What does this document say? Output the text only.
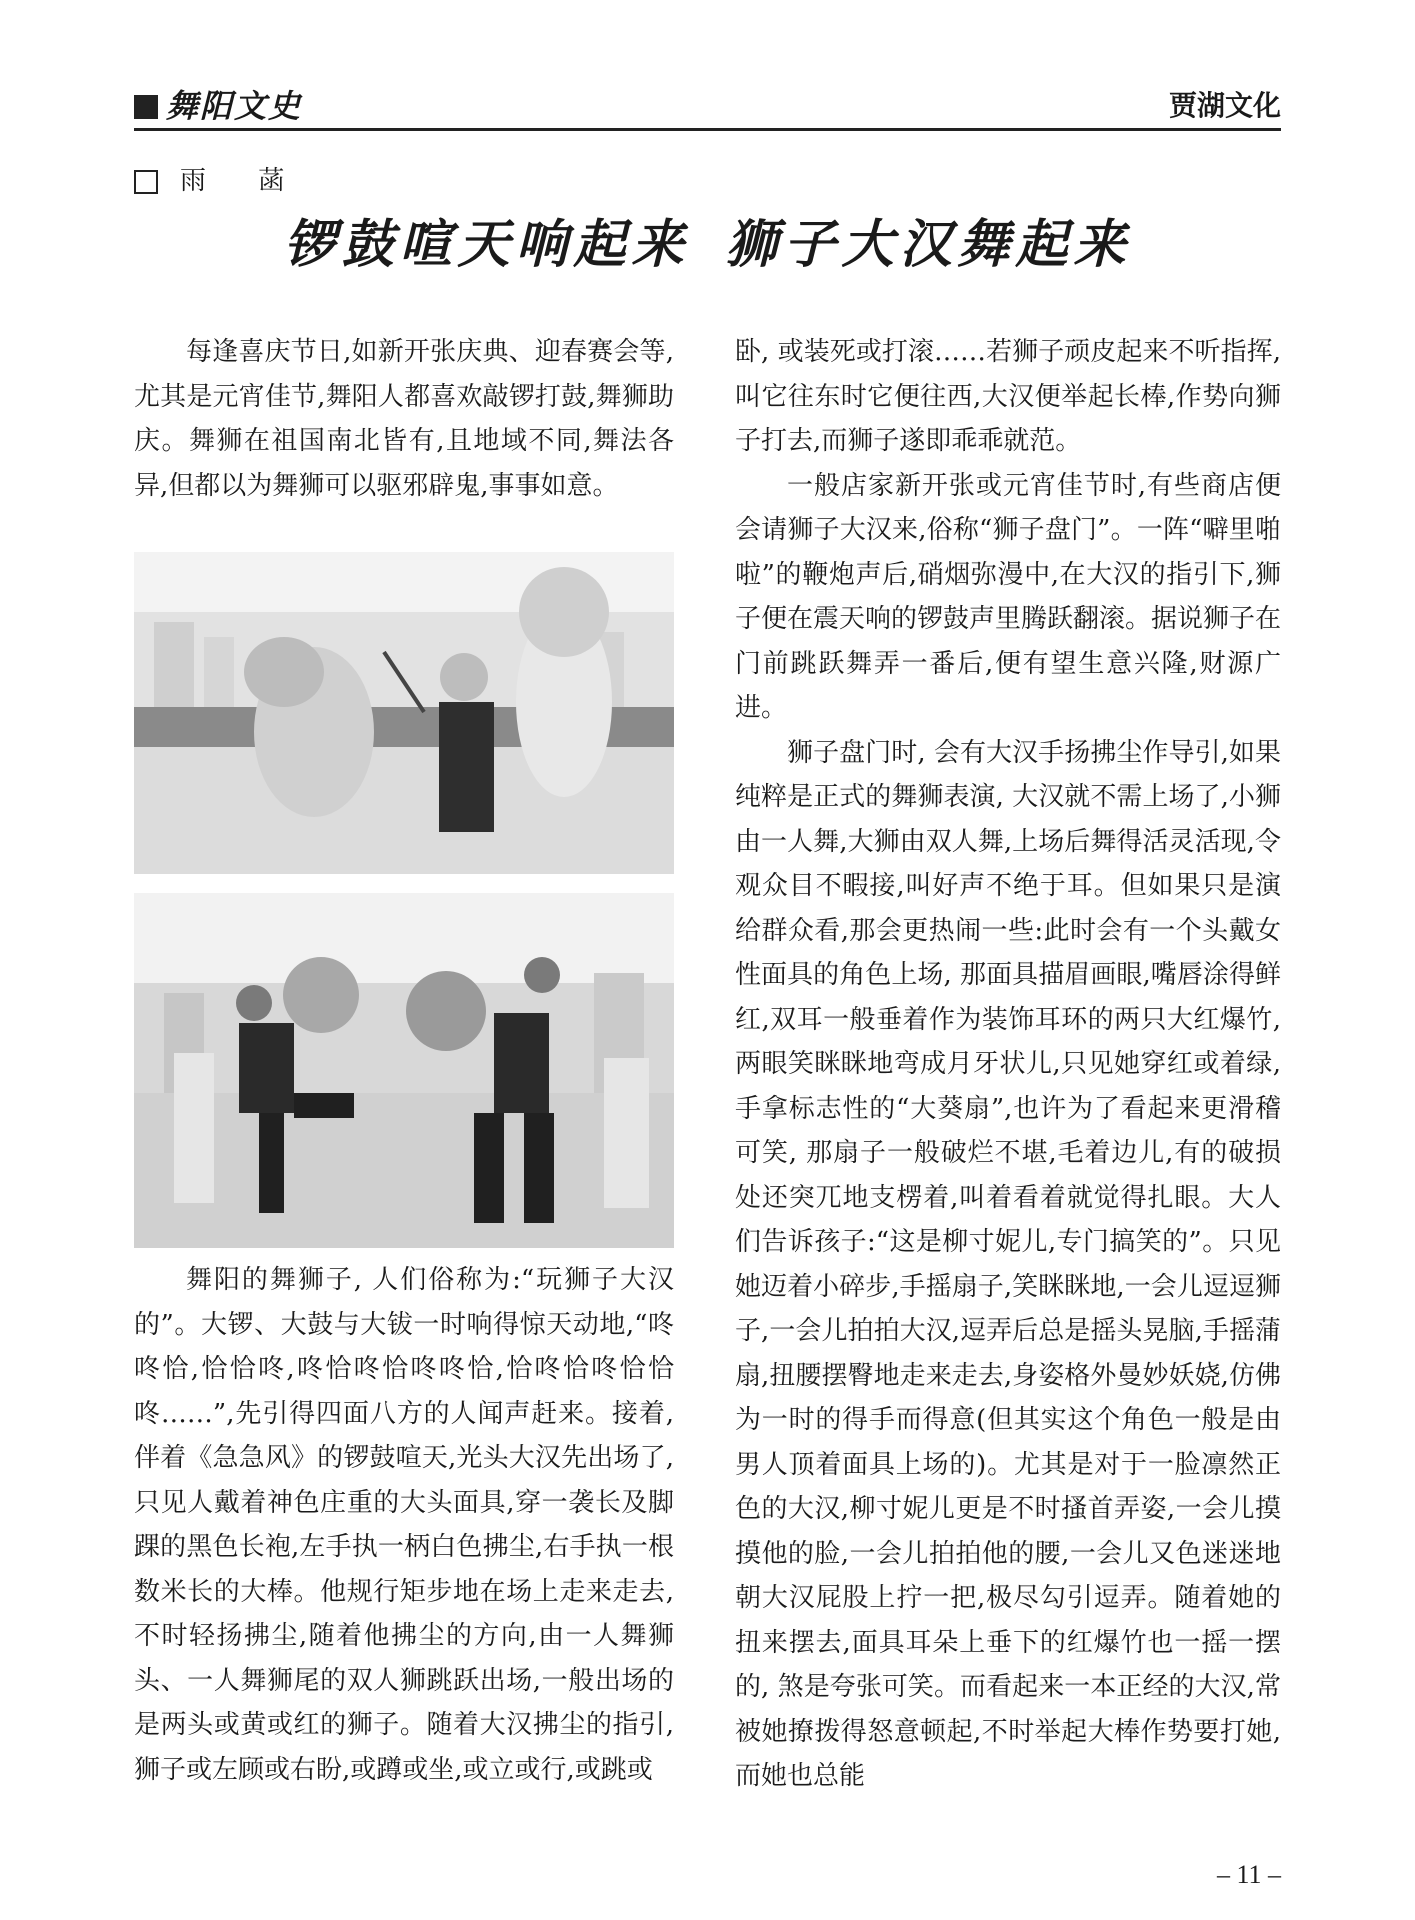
舞阳文史	贾湖文化
雨 菡
锣鼓喧天响起来 狮子大汉舞起来

每逢喜庆节日,如新开张庆典、迎春赛会等,尤其是元宵佳节,舞阳人都喜欢敲锣打鼓,舞狮助庆。舞狮在祖国南北皆有,且地域不同,舞法各异,但都以为舞狮可以驱邪辟鬼,事事如意。

舞阳的舞狮子, 人们俗称为:“玩狮子大汉的”。大锣、大鼓与大钹一时响得惊天动地,“咚咚恰,恰恰咚,咚恰咚恰咚咚恰,恰咚恰咚恰恰咚……”,先引得四面八方的人闻声赶来。接着,伴着《急急风》的锣鼓喧天,光头大汉先出场了,只见人戴着神色庄重的大头面具,穿一袭长及脚踝的黑色长袍,左手执一柄白色拂尘,右手执一根数米长的大棒。他规行矩步地在场上走来走去,不时轻扬拂尘,随着他拂尘的方向,由一人舞狮头、一人舞狮尾的双人狮跳跃出场,一般出场的是两头或黄或红的狮子。随着大汉拂尘的指引,狮子或左顾或右盼,或蹲或坐,或立或行,或跳或

卧, 或装死或打滚……若狮子顽皮起来不听指挥,叫它往东时它便往西,大汉便举起长棒,作势向狮子打去,而狮子遂即乖乖就范。

一般店家新开张或元宵佳节时,有些商店便会请狮子大汉来,俗称“狮子盘门”。一阵“噼里啪啦”的鞭炮声后,硝烟弥漫中,在大汉的指引下,狮子便在震天响的锣鼓声里腾跃翻滚。据说狮子在门前跳跃舞弄一番后,便有望生意兴隆,财源广进。

狮子盘门时, 会有大汉手扬拂尘作导引,如果纯粹是正式的舞狮表演, 大汉就不需上场了,小狮由一人舞,大狮由双人舞,上场后舞得活灵活现,令观众目不暇接,叫好声不绝于耳。但如果只是演给群众看,那会更热闹一些:此时会有一个头戴女性面具的角色上场, 那面具描眉画眼,嘴唇涂得鲜红,双耳一般垂着作为装饰耳环的两只大红爆竹,两眼笑眯眯地弯成月牙状儿,只见她穿红或着绿,手拿标志性的“大葵扇”,也许为了看起来更滑稽可笑, 那扇子一般破烂不堪,毛着边儿,有的破损处还突兀地支楞着,叫着看着就觉得扎眼。大人们告诉孩子:“这是柳寸妮儿,专门搞笑的”。只见她迈着小碎步,手摇扇子,笑眯眯地,一会儿逗逗狮子,一会儿拍拍大汉,逗弄后总是摇头晃脑,手摇蒲扇,扭腰摆臀地走来走去,身姿格外曼妙妖娆,仿佛为一时的得手而得意(但其实这个角色一般是由男人顶着面具上场的)。尤其是对于一脸凛然正色的大汉,柳寸妮儿更是不时搔首弄姿,一会儿摸摸他的脸,一会儿拍拍他的腰,一会儿又色迷迷地朝大汉屁股上拧一把,极尽勾引逗弄。随着她的扭来摆去,面具耳朵上垂下的红爆竹也一摇一摆的, 煞是夸张可笑。而看起来一本正经的大汉,常被她撩拨得怒意顿起,不时举起大棒作势要打她,而她也总能

– 11 –
